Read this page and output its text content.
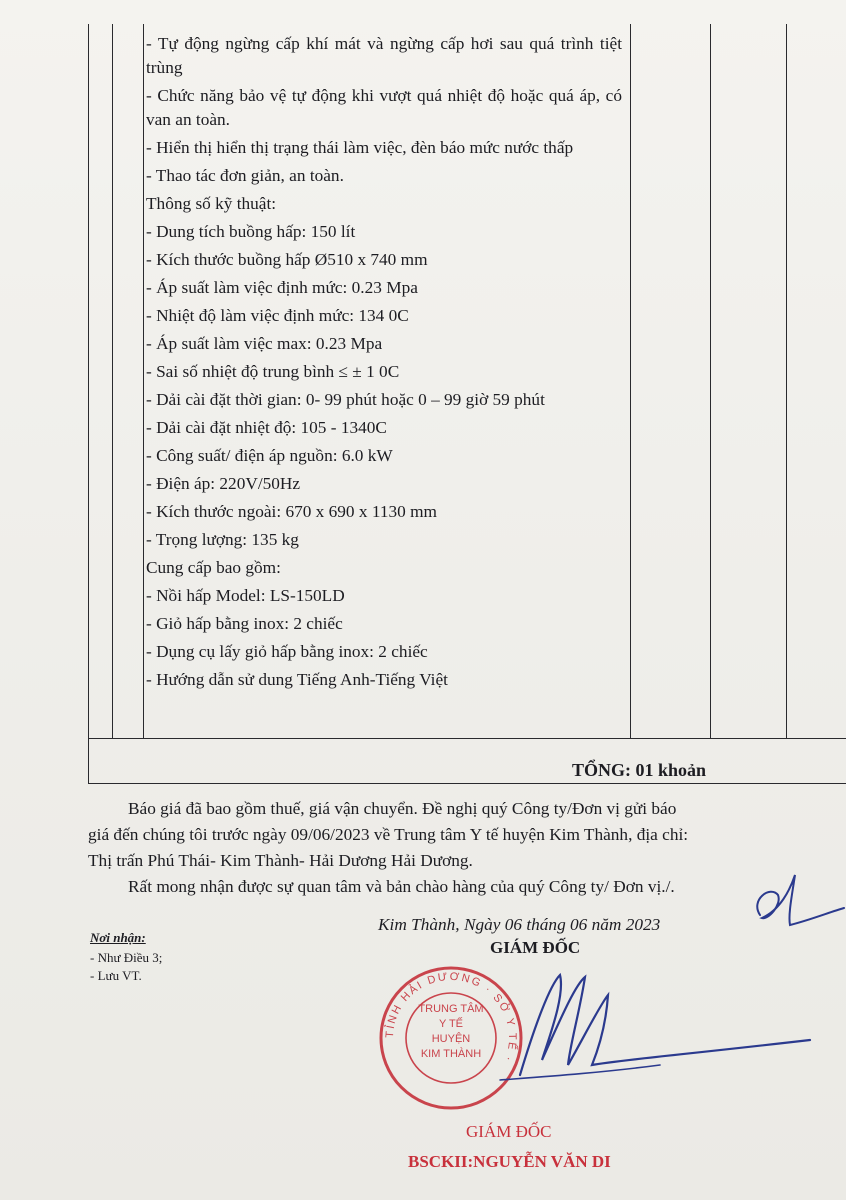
- Tự động ngừng cấp khí mát và ngừng cấp hơi sau quá trình tiệt trùng
- Chức năng bảo vệ tự động khi vượt quá nhiệt độ hoặc quá áp, có van an toàn.
- Hiển thị hiển thị trạng thái làm việc, đèn báo mức nước thấp
- Thao tác đơn giản, an toàn.
Thông số kỹ thuật:
- Dung tích buồng hấp: 150 lít
- Kích thước buồng hấp Ø510 x 740 mm
- Áp suất làm việc định mức: 0.23 Mpa
- Nhiệt độ làm việc định mức: 134 0C
- Áp suất làm việc max: 0.23 Mpa
- Sai số nhiệt độ trung bình ≤ ± 1 0C
- Dải cài đặt thời gian: 0- 99 phút hoặc 0 – 99 giờ 59 phút
- Dải cài đặt nhiệt độ: 105 - 1340C
- Công suất/ điện áp nguồn: 6.0 kW
- Điện áp: 220V/50Hz
- Kích thước ngoài: 670 x 690 x 1130 mm
- Trọng lượng: 135 kg
Cung cấp bao gồm:
- Nồi hấp Model: LS-150LD
- Giỏ hấp bằng inox: 2 chiếc
- Dụng cụ lấy giỏ hấp bằng inox: 2 chiếc
- Hướng dẫn sử dung Tiếng Anh-Tiếng Việt
TỔNG: 01 khoản
Báo giá đã bao gồm thuế, giá vận chuyển. Đề nghị quý Công ty/Đơn vị gửi báo
giá đến chúng tôi trước ngày 09/06/2023 về Trung tâm Y tế huyện Kim Thành, địa chỉ:
Thị trấn Phú Thái- Kim Thành- Hải Dương Hải Dương.
Rất mong nhận được sự quan tâm và bản chào hàng của quý Công ty/ Đơn vị./.
Kim Thành, Ngày 06 tháng 06 năm 2023
GIÁM ĐỐC
Nơi nhận:
- Như Điều 3;
- Lưu VT.
TỈNH HẢI DƯƠNG · SỞ Y TẾ ·
TRUNG TÂM
Y TẾ
HUYỆN
KIM THÀNH
GIÁM ĐỐC
BSCKII:NGUYỄN VĂN DI
